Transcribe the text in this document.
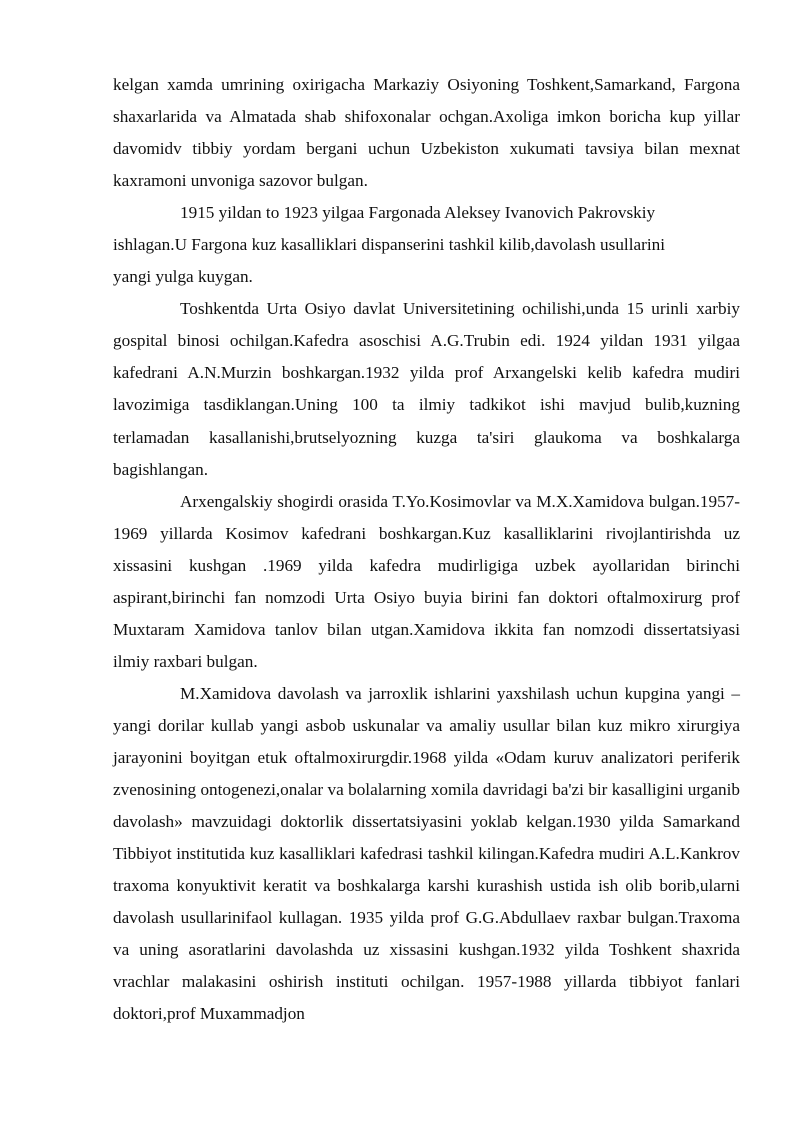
kelgan xamda umrining oxirigacha Markaziy Osiyoning Toshkent,Samarkand, Fargona shaxarlarida va Almatada shab shifoxonalar ochgan.Axoliga imkon boricha kup yillar davomidv tibbiy yordam bergani uchun Uzbekiston xukumati tavsiya bilan mexnat kaxramoni unvoniga sazovor bulgan.

1915 yildan to 1923 yilgaa Fargonada Aleksey Ivanovich Pakrovskiy
ishlagan.U Fargona kuz kasalliklari dispanserini tashkil kilib,davolash usullarini
yangi yulga kuygan.

Toshkentda Urta Osiyo davlat Universitetining ochilishi,unda 15 urinli xarbiy gospital binosi ochilgan.Kafedra asoschisi A.G.Trubin edi. 1924 yildan 1931 yilgaa kafedrani A.N.Murzin boshkargan.1932 yilda prof Arxangelski kelib kafedra mudiri lavozimiga tasdiklangan.Uning 100 ta ilmiy tadkikot ishi mavjud bulib,kuzning terlamadan kasallanishi,brutselyozning kuzga ta'siri glaukoma va boshkalarga bagishlangan.

Arxengalskiy shogirdi orasida T.Yo.Kosimovlar va M.X.Xamidova bulgan.1957-1969 yillarda Kosimov kafedrani boshkargan.Kuz kasalliklarini rivojlantirishda uz xissasini kushgan .1969 yilda kafedra mudirligiga uzbek ayollaridan birinchi aspirant,birinchi fan nomzodi Urta Osiyo buyia birini fan doktori oftalmoxirurg prof Muxtaram Xamidova tanlov bilan utgan.Xamidova ikkita fan nomzodi dissertatsiyasi ilmiy raxbari bulgan.

M.Xamidova davolash va jarroxlik ishlarini yaxshilash uchun kupgina yangi –yangi dorilar kullab yangi asbob uskunalar va amaliy usullar bilan kuz mikro xirurgiya jarayonini boyitgan etuk oftalmoxirurgdir.1968 yilda «Odam kuruv analizatori periferik zvenosining ontogenezi,onalar va bolalarning xomila davridagi ba'zi bir kasalligini urganib davolash» mavzuidagi doktorlik dissertatsiyasini yoklab kelgan.1930 yilda Samarkand Tibbiyot institutida kuz kasalliklari kafedrasi tashkil kilingan.Kafedra mudiri A.L.Kankrov traxoma konyuktivit keratit va boshkalarga karshi kurashish ustida ish olib borib,ularni davolash usullarinifaol kullagan. 1935 yilda prof G.G.Abdullaev raxbar bulgan.Traxoma va uning asoratlarini davolashda uz xissasini kushgan.1932 yilda Toshkent shaxrida vrachlar malakasini oshirish instituti ochilgan. 1957-1988 yillarda tibbiyot fanlari doktori,prof Muxammadjon
